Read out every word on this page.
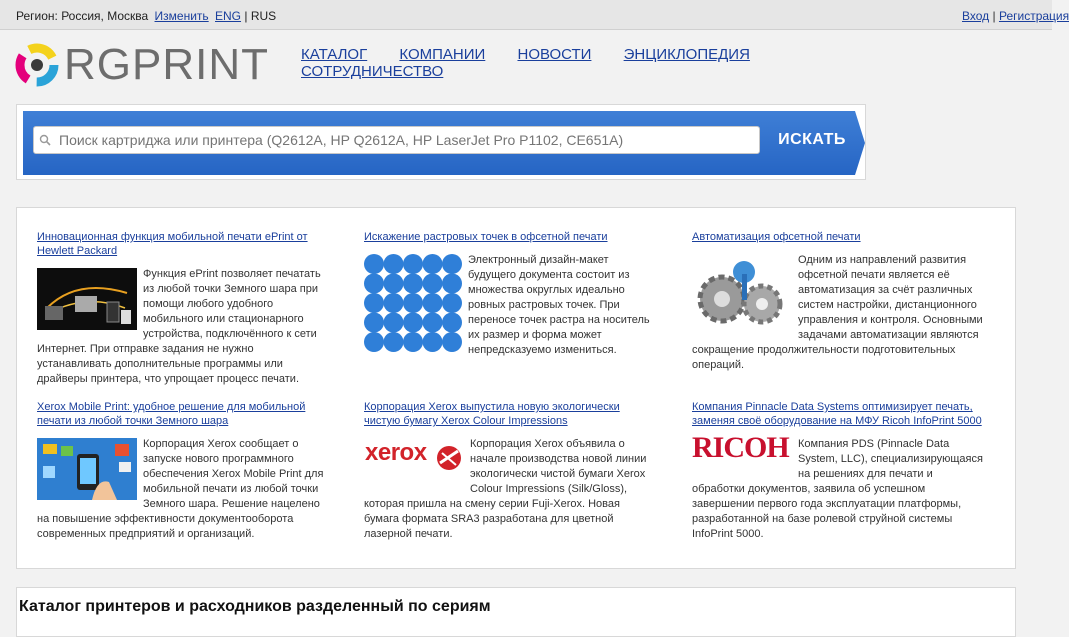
Регион: Россия, Москва Изменить ENG | RUS	Вход | Регистрация
RGPRINT КАТАЛОГ КОМПАНИИ НОВОСТИ ЭНЦИКЛОПЕДИЯ
СОТРУДНИЧЕСТВО
Поиск картриджа или принтера (Q2612A, HP Q2612A, HP LaserJet Pro P1102, CE651A)
ИСКАТЬ
Инновационная функция мобильной печати ePrint от Hewlett Packard
Функция ePrint позволяет печатать из любой точки Земного шара при помощи любого удобного мобильного или стационарного устройства, подключённого к сети Интернет. При отправке задания не нужно устанавливать дополнительные программы или драйверы принтера, что упрощает процесс печати.
Искажение растровых точек в офсетной печати
Электронный дизайн-макет будущего документа состоит из множества округлых идеально ровных растровых точек. При переносе точек растра на носитель их размер и форма может непредсказуемо измениться.
Автоматизация офсетной печати
Одним из направлений развития офсетной печати является её автоматизация за счёт различных систем настройки, дистанционного управления и контроля. Основными задачами автоматизации являются сокращение продолжительности подготовительных операций.
Xerox Mobile Print: удобное решение для мобильной печати из любой точки Земного шара
Корпорация Xerox сообщает о запуске нового программного обеспечения Xerox Mobile Print для мобильной печати из любой точки Земного шара. Решение нацелено на повышение эффективности документооборота современных предприятий и организаций.
Корпорация Xerox выпустила новую экологически чистую бумагу Xerox Colour Impressions
xerox	Корпорация Xerox объявила о начале производства новой линии экологически чистой бумаги Xerox Colour Impressions (Silk/Gloss), которая пришла на смену серии Fuji-Xerox. Новая бумага формата SRA3 разработана для цветной лазерной печати.
Компания Pinnacle Data Systems оптимизирует печать, заменяя своё оборудование на МФУ Ricoh InfoPrint 5000
RICOH Компания PDS (Pinnacle Data System, LLC), специализирующаяся на решениях для печати и обработки документов, заявила об успешном завершении первого года эксплуатации платформы, разработанной на базе ролевой струйной системы InfoPrint 5000.
Каталог принтеров и расходников разделенный по сериям
